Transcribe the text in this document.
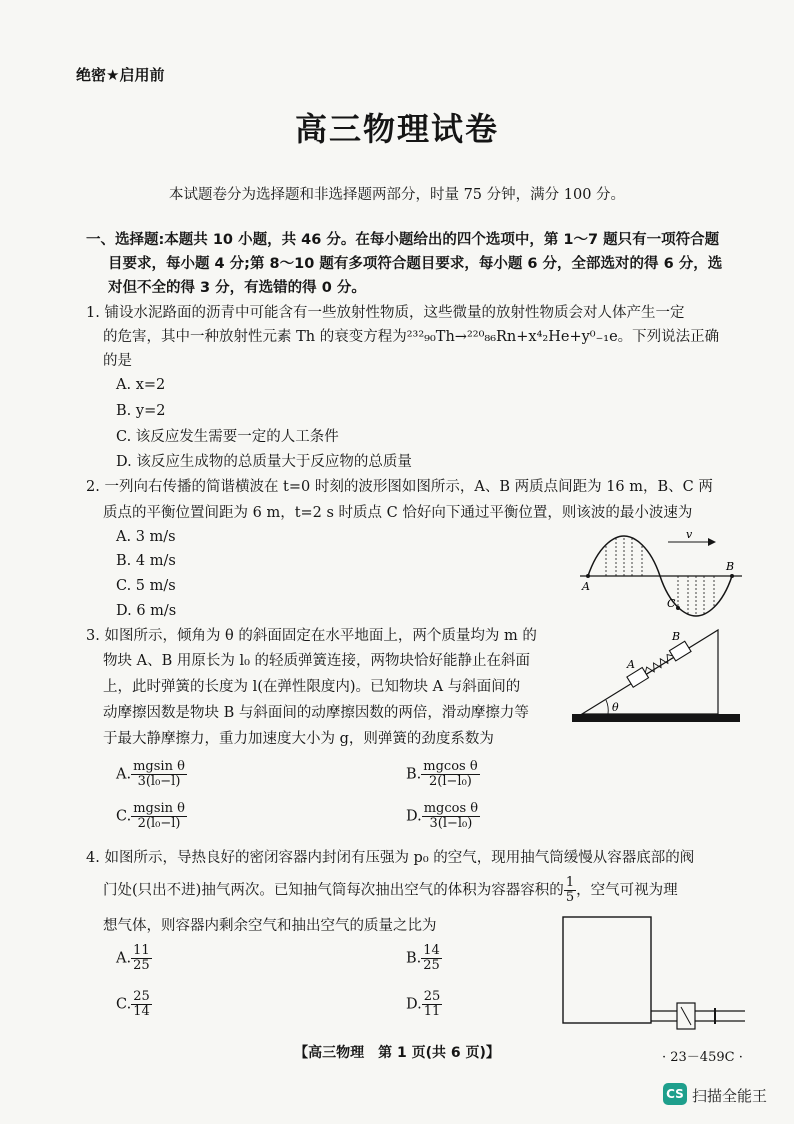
绝密★启用前
高三物理试卷
本试题卷分为选择题和非选择题两部分，时量 75 分钟，满分 100 分。
一、选择题:本题共 10 小题，共 46 分。在每小题给出的四个选项中，第 1～7 题只有一项符合题
目要求，每小题 4 分;第 8～10 题有多项符合题目要求，每小题 6 分，全部选对的得 6 分，选
对但不全的得 3 分，有选错的得 0 分。
1. 铺设水泥路面的沥青中可能含有一些放射性物质，这些微量的放射性物质会对人体产生一定
的危害，其中一种放射性元素 Th 的衰变方程为²³²₉₀Th→²²⁰₈₆Rn+x⁴₂He+y⁰₋₁e。下列说法正确
的是
A. x=2
B. y=2
C. 该反应发生需要一定的人工条件
D. 该反应生成物的总质量大于反应物的总质量
2. 一列向右传播的简谐横波在 t=0 时刻的波形图如图所示，A、B 两质点间距为 16 m，B、C 两
质点的平衡位置间距为 6 m，t=2 s 时质点 C 恰好向下通过平衡位置，则该波的最小波速为
A. 3 m/s
B. 4 m/s
C. 5 m/s
D. 6 m/s
v
A
B
C
3. 如图所示，倾角为 θ 的斜面固定在水平地面上，两个质量均为 m 的
物块 A、B 用原长为 l₀ 的轻质弹簧连接，两物块恰好能静止在斜面
上，此时弹簧的长度为 l(在弹性限度内)。已知物块 A 与斜面间的
动摩擦因数是物块 B 与斜面间的动摩擦因数的两倍，滑动摩擦力等
于最大静摩擦力，重力加速度大小为 g，则弹簧的劲度系数为
A. $\frac{\text{mgsin θ}}{\text{3(l₀−l)}}$	B. $\frac{\text{mgcos θ}}{\text{2(l−l₀)}}$
C. $\frac{\text{mgsin θ}}{\text{2(l₀−l)}}$	D. $\frac{\text{mgcos θ}}{\text{3(l−l₀)}}$
θ
A
B
4. 如图所示，导热良好的密闭容器内封闭有压强为 p₀ 的空气，现用抽气筒缓慢从容器底部的阀
门处(只出不进)抽气两次。已知抽气筒每次抽出空气的体积为容器容积的 $\frac{1}{5}$ ，空气可视为理
想气体，则容器内剩余空气和抽出空气的质量之比为
A. $\frac{11}{25}$	B. $\frac{14}{25}$
C. $\frac{25}{14}$	D. $\frac{25}{11}$
【高三物理　第 1 页(共 6 页)】	· 23－459C ·
CS 扫描全能王
